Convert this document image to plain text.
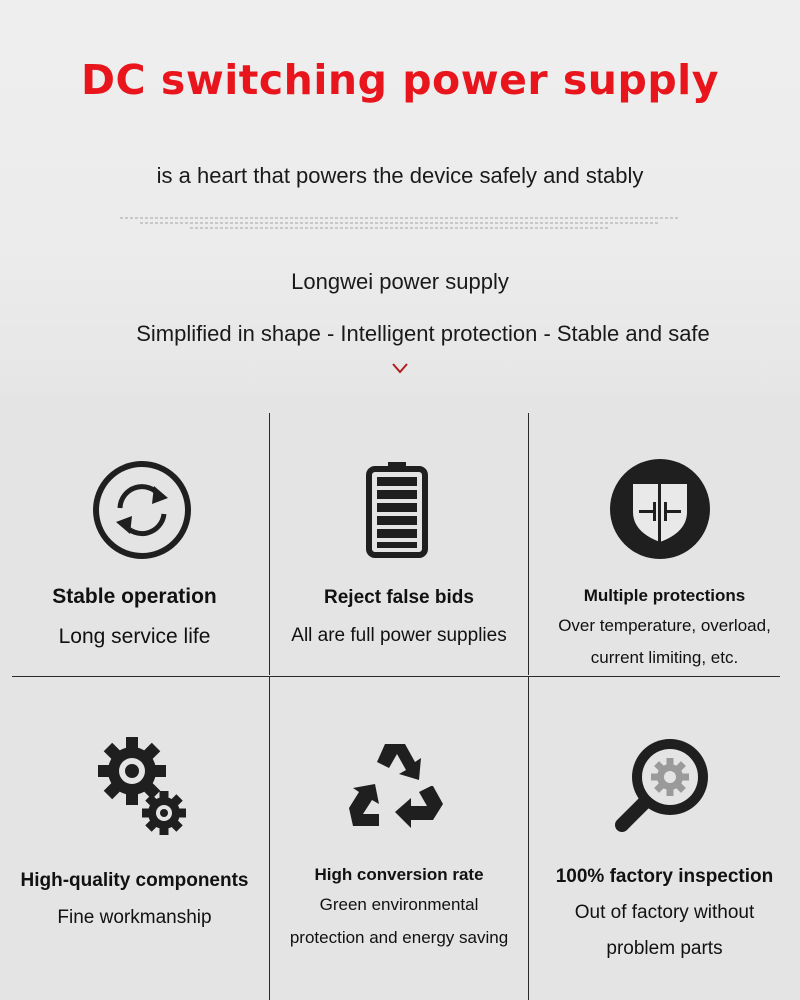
DC switching power supply
is a heart that powers the device safely and stably
Longwei power supply
Simplified in shape - Intelligent protection - Stable and safe
Stable operation
Long service life
Reject false bids
All are full power supplies
Multiple protections
Over temperature, overload,
current limiting, etc.
High-quality components
Fine workmanship
High conversion rate
Green environmental
protection and energy saving
100% factory inspection
Out of factory without
problem parts
